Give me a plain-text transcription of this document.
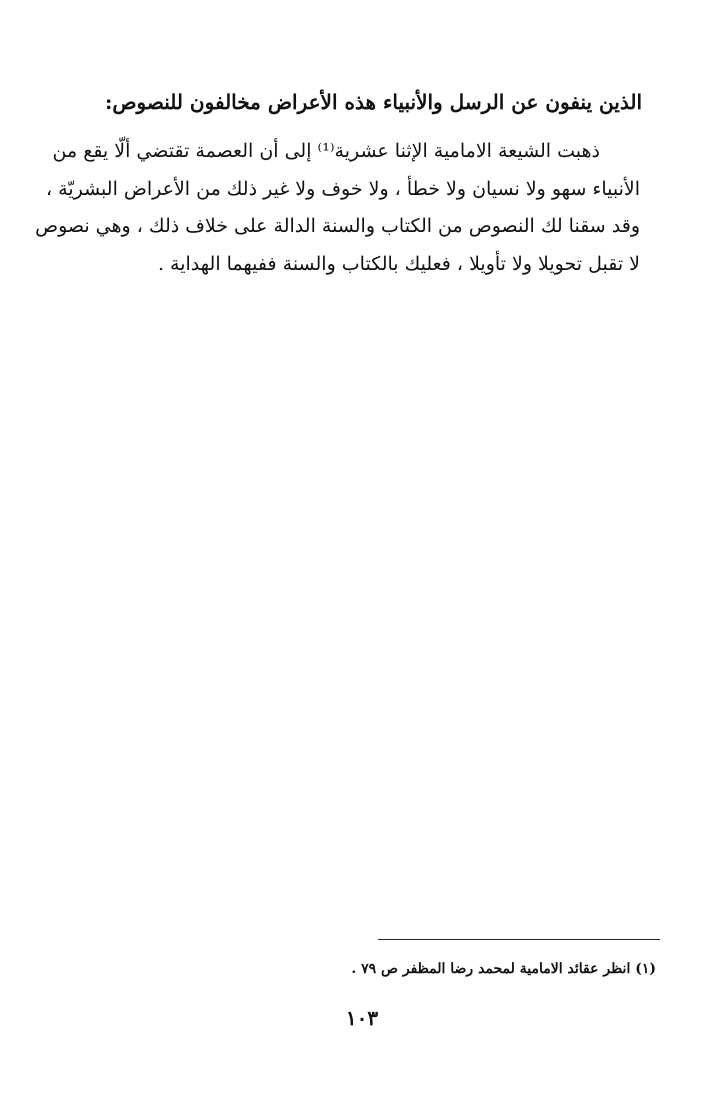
الذين ينفون عن الرسل والأنبياء هذه الأعراض مخالفون للنصوص:
ذهبت الشيعة الامامية الإثنا عشرية⁽¹⁾ إلى أن العصمة تقتضي ألّا يقع من
الأنبياء سهو ولا نسيان ولا خطأ ، ولا خوف ولا غير ذلك من الأعراض البشريّة ،
وقد سقنا لك النصوص من الكتاب والسنة الدالة على خلاف ذلك ، وهي نصوص
لا تقبل تحويلا ولا تأويلا ، فعليك بالكتاب والسنة ففيهما الهداية .
(١) انظر عقائد الامامية لمحمد رضا المظفر ص ٧٩ .
١٠٣
